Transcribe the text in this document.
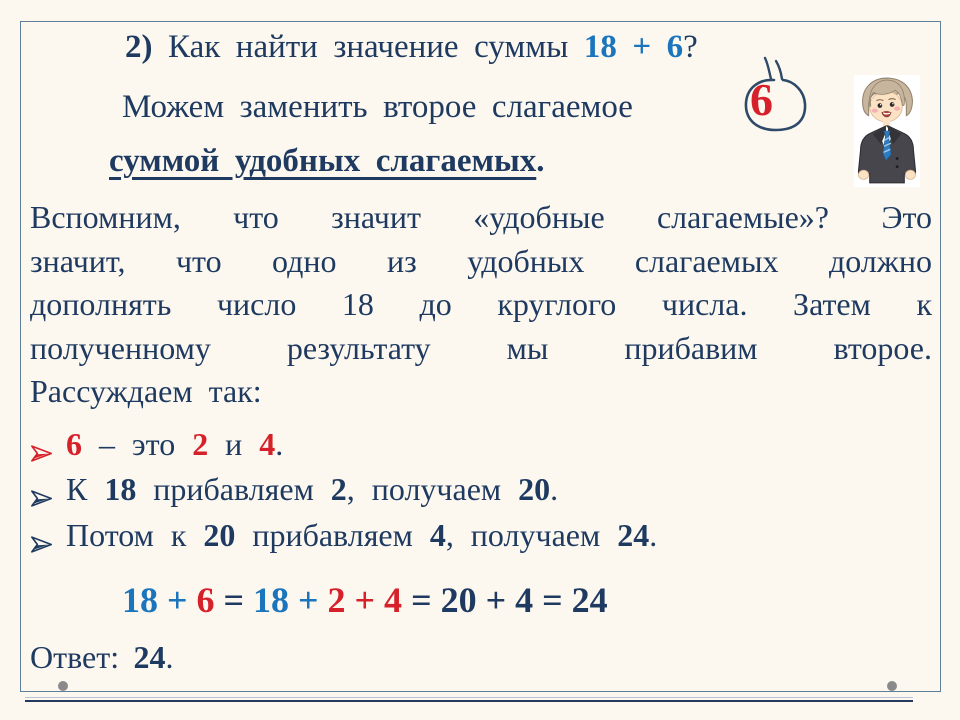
2) Как найти значение суммы 18 + 6?
Можем заменить второе слагаемое
суммой удобных слагаемых.
6
Вспомним, что значит «удобные слагаемые»? Это
значит, что одно из удобных слагаемых должно
дополнять число 18 до круглого числа. Затем к
полученному результату мы прибавим второе.
Рассуждаем так:
6 – это 2 и 4.
К 18 прибавляем 2, получаем 20.
Потом к 20 прибавляем 4, получаем 24.
18 + 6 = 18 + 2 + 4 = 20 + 4 = 24
Ответ: 24.
